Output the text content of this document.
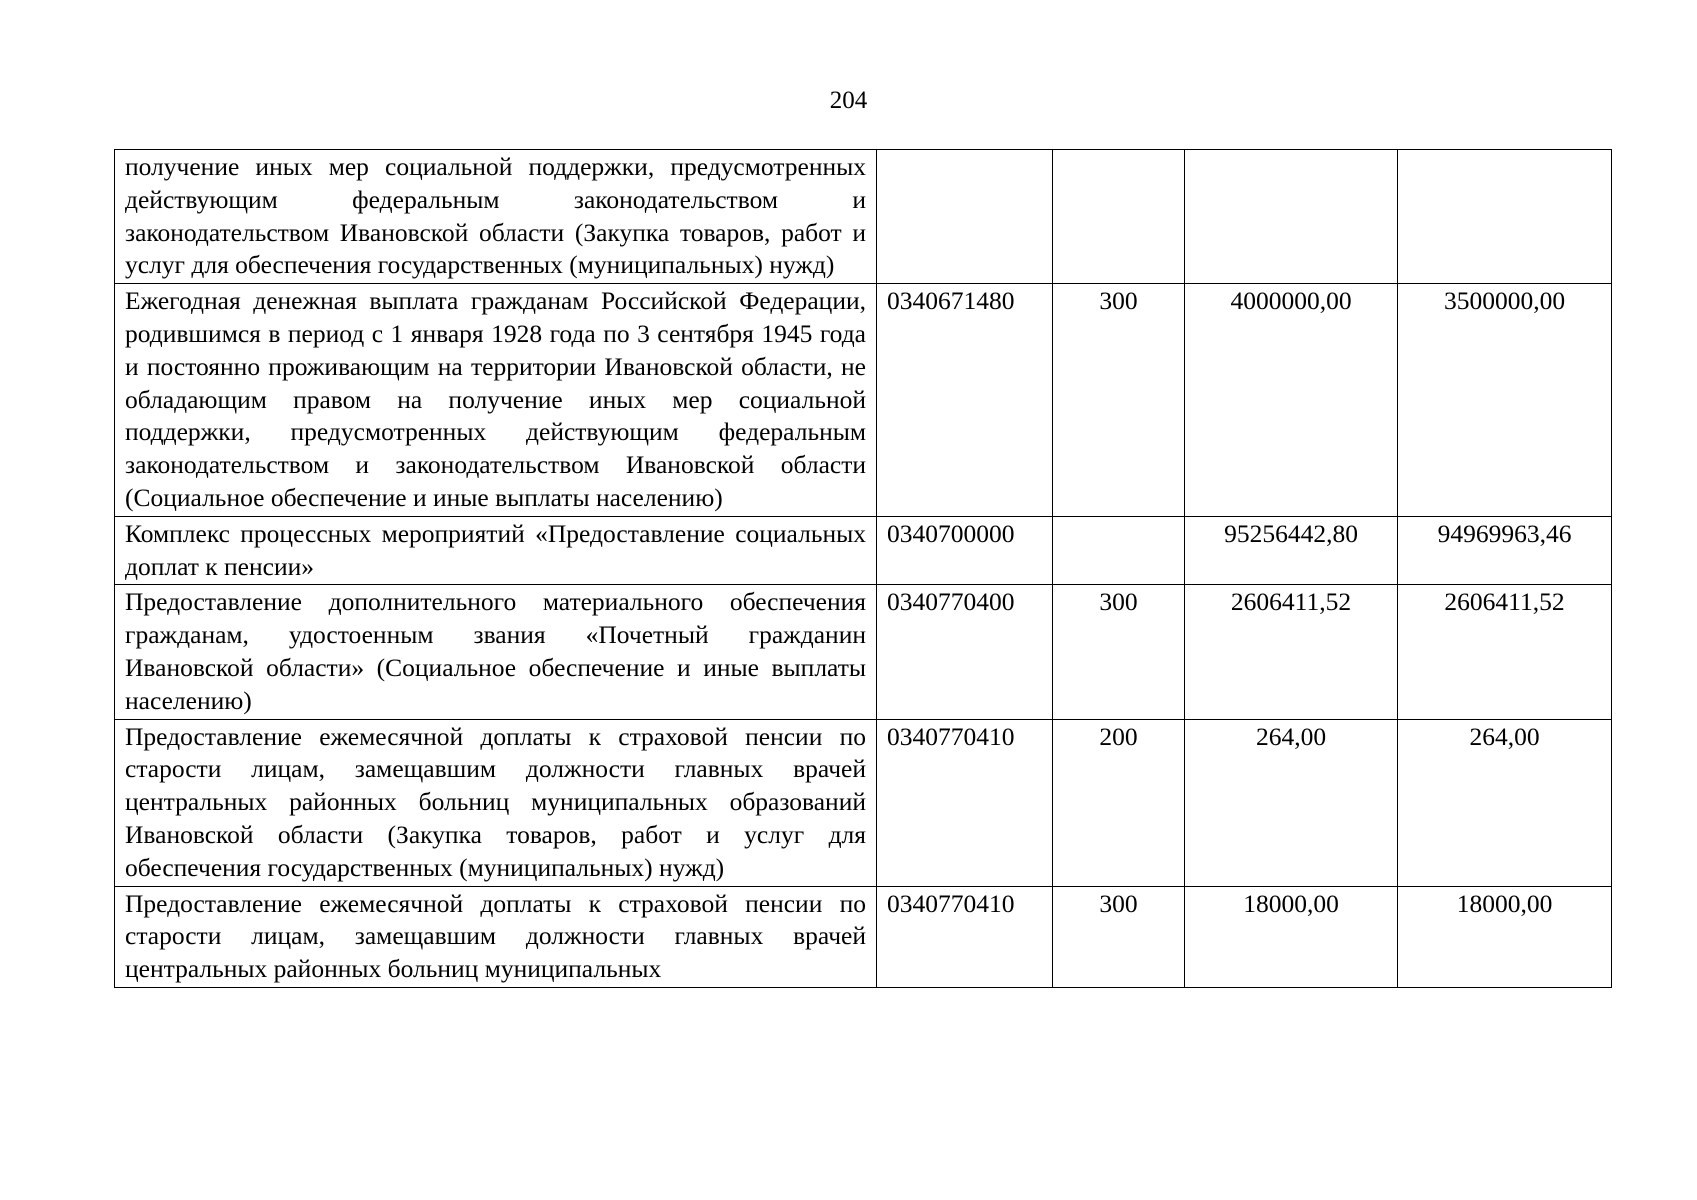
204
получение иных мер социальной поддержки, предусмотренных действующим федеральным законодательством и законодательством Ивановской области (Закупка товаров, работ и услуг для обеспечения государственных (муниципальных) нужд)				
Ежегодная денежная выплата гражданам Российской Федерации, родившимся в период с 1 января 1928 года по 3 сентября 1945 года и постоянно проживающим на территории Ивановской области, не обладающим правом на получение иных мер социальной поддержки, предусмотренных действующим федеральным законодательством и законодательством Ивановской области (Социальное обеспечение и иные выплаты населению)	0340671480	300	4000000,00	3500000,00
Комплекс процессных мероприятий «Предоставление социальных доплат к пенсии»	0340700000		95256442,80	94969963,46
Предоставление дополнительного материального обеспечения гражданам, удостоенным звания «Почетный гражданин Ивановской области» (Социальное обеспечение и иные выплаты населению)	0340770400	300	2606411,52	2606411,52
Предоставление ежемесячной доплаты к страховой пенсии по старости лицам, замещавшим должности главных врачей центральных районных больниц муниципальных образований Ивановской области (Закупка товаров, работ и услуг для обеспечения государственных (муниципальных) нужд)	0340770410	200	264,00	264,00
Предоставление ежемесячной доплаты к страховой пенсии по старости лицам, замещавшим должности главных врачей центральных районных больниц муниципальных	0340770410	300	18000,00	18000,00
